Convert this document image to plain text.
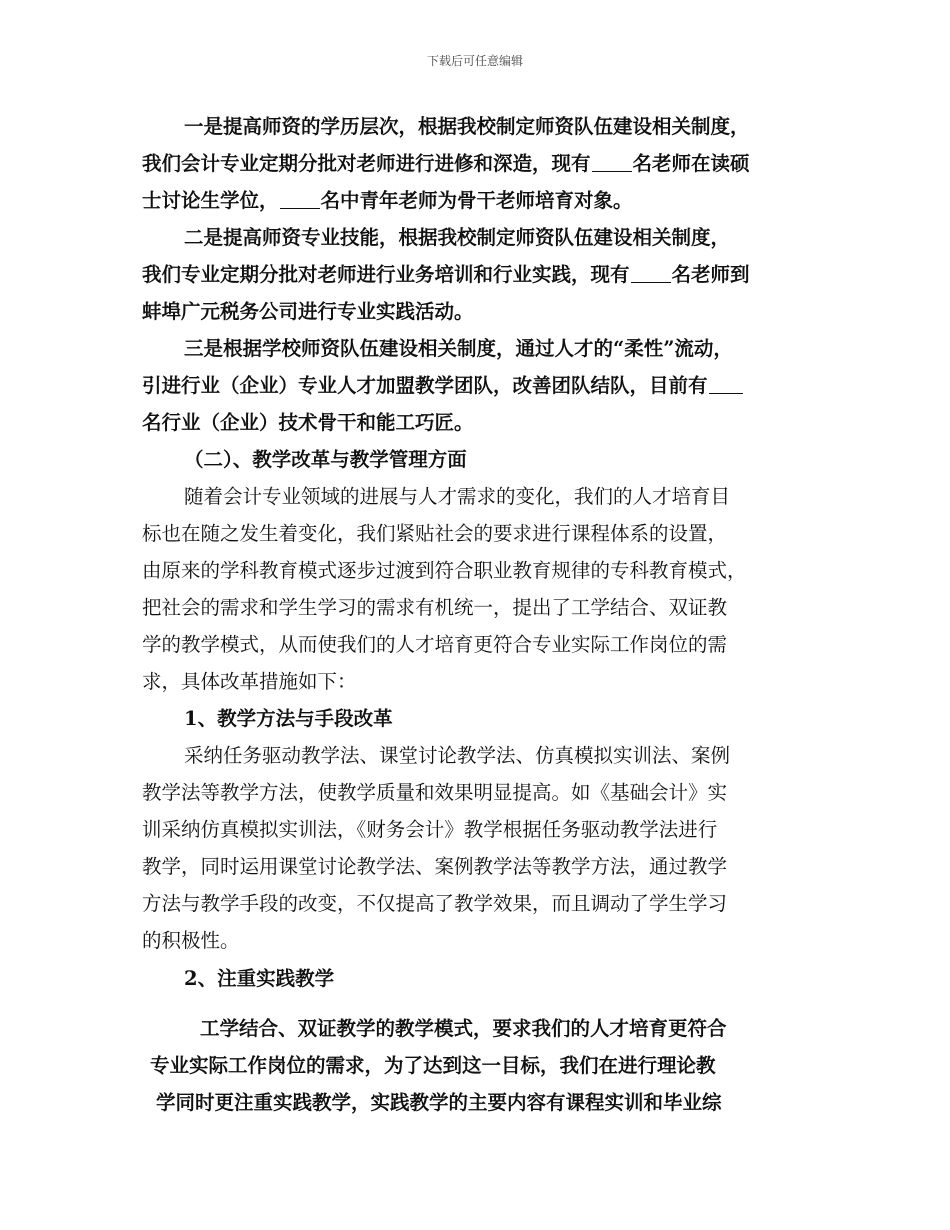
下载后可任意编辑
一是提高师资的学历层次，根据我校制定师资队伍建设相关制度，
我们会计专业定期分批对老师进行进修和深造，现有 名老师在读硕
士讨论生学位， 名中青年老师为骨干老师培育对象。
二是提高师资专业技能，根据我校制定师资队伍建设相关制度，
我们专业定期分批对老师进行业务培训和行业实践，现有 名老师到
蚌埠广元税务公司进行专业实践活动。
三是根据学校师资队伍建设相关制度，通过人才的“柔性”流动，
引进行业（企业）专业人才加盟教学团队，改善团队结队，目前有
名行业（企业）技术骨干和能工巧匠。
（二）、教学改革与教学管理方面
随着会计专业领域的进展与人才需求的变化，我们的人才培育目
标也在随之发生着变化，我们紧贴社会的要求进行课程体系的设置，
由原来的学科教育模式逐步过渡到符合职业教育规律的专科教育模式，
把社会的需求和学生学习的需求有机统一，提出了工学结合、双证教
学的教学模式，从而使我们的人才培育更符合专业实际工作岗位的需
求，具体改革措施如下：
1、教学方法与手段改革
采纳任务驱动教学法、课堂讨论教学法、仿真模拟实训法、案例
教学法等教学方法，使教学质量和效果明显提高。如《基础会计》实
训采纳仿真模拟实训法，《财务会计》教学根据任务驱动教学法进行
教学，同时运用课堂讨论教学法、案例教学法等教学方法，通过教学
方法与教学手段的改变，不仅提高了教学效果，而且调动了学生学习
的积极性。
2、注重实践教学
工学结合、双证教学的教学模式，要求我们的人才培育更符合
专业实际工作岗位的需求，为了达到这一目标，我们在进行理论教
学同时更注重实践教学，实践教学的主要内容有课程实训和毕业综
